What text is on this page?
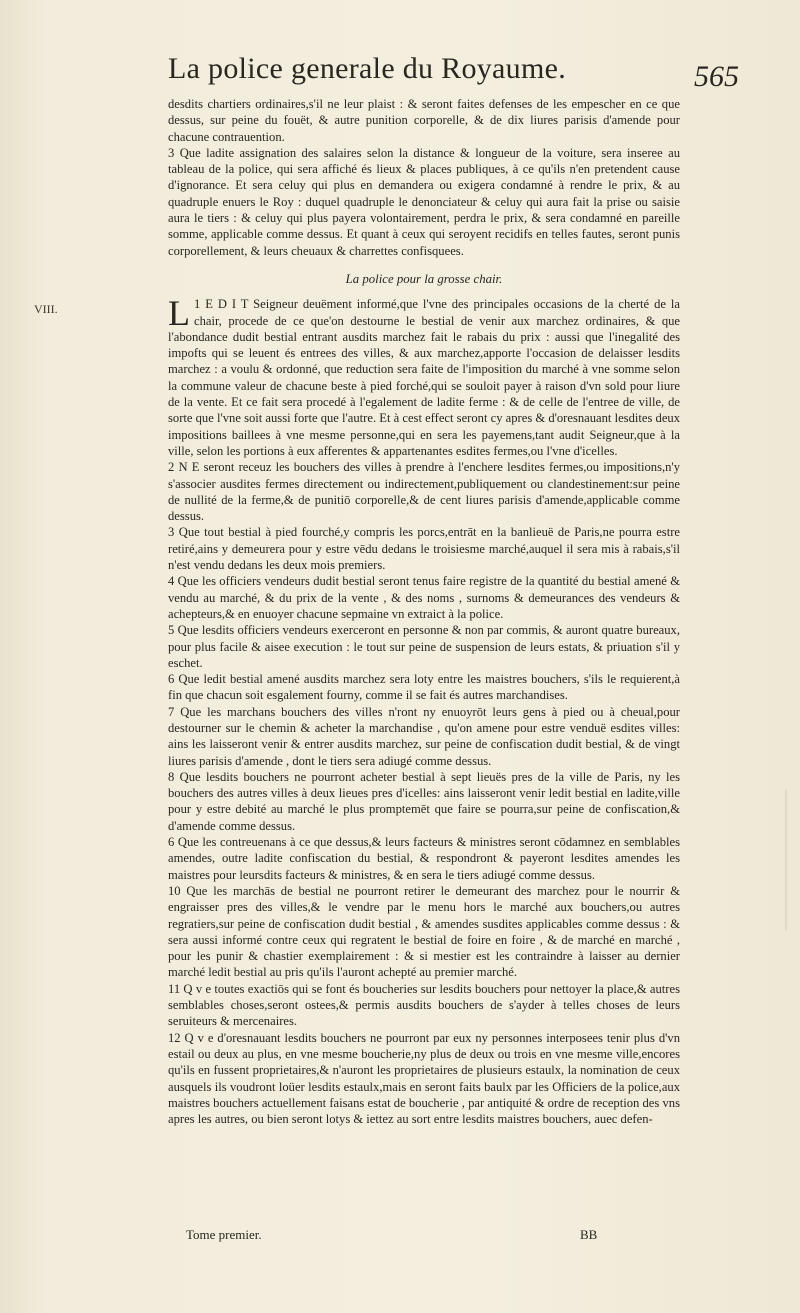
La police generale du Royaume.	565
VIII.

desdits chartiers ordinaires,s'il ne leur plaist : & seront faites defenses de les empescher en ce que dessus, sur peine du fouët, & autre punition corporelle, & de dix liures parisis d'amende pour chacune contrauention.

3 Que ladite assignation des salaires selon la distance & longueur de la voiture, sera inseree au tableau de la police, qui sera affiché és lieux & places publiques, à ce qu'ils n'en pretendent cause d'ignorance. Et sera celuy qui plus en demandera ou exigera condamné à rendre le prix, & au quadruple enuers le Roy : duquel quadruple le denonciateur & celuy qui aura fait la prise ou saisie aura le tiers : & celuy qui plus payera volontairement, perdra le prix, & sera condamné en pareille somme, applicable comme dessus. Et quant à ceux qui seroyent recidifs en telles fautes, seront punis corporellement, & leurs cheuaux & charrettes confisquees.

La police pour la grosse chair.

L 1 E D I T Seigneur deuëment informé,que l'vne des principales occasions de la cherté de la chair, procede de ce que'on destourne le bestial de venir aux marchez ordinaires, & que l'abondance dudit bestial entrant ausdits marchez fait le rabais du prix : aussi que l'inegalité des impofts qui se leuent és entrees des villes, & aux marchez,apporte l'occasion de delaisser lesdits marchez : a voulu & ordonné, que reduction sera faite de l'imposition du marché à vne somme selon la commune valeur de chacune beste à pied forché,qui se souloit payer à raison d'vn sold pour liure de la vente. Et ce fait sera procedé à l'egalement de ladite ferme : & de celle de l'entree de ville, de sorte que l'vne soit aussi forte que l'autre. Et à cest effect seront cy apres & d'oresnauant lesdites deux impositions baillees à vne mesme personne,qui en sera les payemens,tant audit Seigneur,que à la ville, selon les portions à eux afferentes & appartenantes esdites fermes,ou l'vne d'icelles.

2 N E seront receuz les bouchers des villes à prendre à l'enchere lesdites fermes,ou impositions,n'y s'associer ausdites fermes directement ou indirectement,publiquement ou clandestinement:sur peine de nullité de la ferme,& de punitiō corporelle,& de cent liures parisis d'amende,applicable comme dessus.

3 Que tout bestial à pied fourché,y compris les porcs,entrāt en la banlieuë de Paris,ne pourra estre retiré,ains y demeurera pour y estre vēdu dedans le troisiesme marché,auquel il sera mis à rabais,s'il n'est vendu dedans les deux mois premiers.

4 Que les officiers vendeurs dudit bestial seront tenus faire registre de la quantité du bestial amené & vendu au marché, & du prix de la vente , & des noms , surnoms & demeurances des vendeurs & achepteurs,& en enuoyer chacune sepmaine vn extraict à la police.

5 Que lesdits officiers vendeurs exerceront en personne & non par commis, & auront quatre bureaux, pour plus facile & aisee execution : le tout sur peine de suspension de leurs estats, & priuation s'il y eschet.

6 Que ledit bestial amené ausdits marchez sera loty entre les maistres bouchers, s'ils le requierent,à fin que chacun soit esgalement fourny, comme il se fait és autres marchandises.

7 Que les marchans bouchers des villes n'ront ny enuoyrōt leurs gens à pied ou à cheual,pour destourner sur le chemin & acheter la marchandise , qu'on amene pour estre venduë esdites villes: ains les laisseront venir & entrer ausdits marchez, sur peine de confiscation dudit bestial, & de vingt liures parisis d'amende , dont le tiers sera adiugé comme dessus.

8 Que lesdits bouchers ne pourront acheter bestial à sept lieuës pres de la ville de Paris, ny les bouchers des autres villes à deux lieues pres d'icelles: ains laisseront venir ledit bestial en ladite,ville pour y estre debité au marché le plus promptemēt que faire se pourra,sur peine de confiscation,& d'amende comme dessus.

6 Que les contreuenans à ce que dessus,& leurs facteurs & ministres seront cōdamnez en semblables amendes, outre ladite confiscation du bestial, & respondront & payeront lesdites amendes les maistres pour leursdits facteurs & ministres, & en sera le tiers adiugé comme dessus.

10 Que les marchās de bestial ne pourront retirer le demeurant des marchez pour le nourrir & engraisser pres des villes,& le vendre par le menu hors le marché aux bouchers,ou autres regratiers,sur peine de confiscation dudit bestial , & amendes susdites applicables comme dessus : & sera aussi informé contre ceux qui regratent le bestial de foire en foire , & de marché en marché , pour les punir & chastier exemplairement : & si mestier est les contraindre à laisser au dernier marché ledit bestial au pris qu'ils l'auront achepté au premier marché.

11 Q v e toutes exactiōs qui se font és boucheries sur lesdits bouchers pour nettoyer la place,& autres semblables choses,seront ostees,& permis ausdits bouchers de s'ayder à telles choses de leurs seruiteurs & mercenaires.

12 Q v e d'oresnauant lesdits bouchers ne pourront par eux ny personnes interposees tenir plus d'vn estail ou deux au plus, en vne mesme boucherie,ny plus de deux ou trois en vne mesme ville,encores qu'ils en fussent proprietaires,& n'auront les proprietaires de plusieurs estaulx, la nomination de ceux ausquels ils voudront loüer lesdits estaulx,mais en seront faits baulx par les Officiers de la police,aux maistres bouchers actuellement faisans estat de boucherie , par antiquité & ordre de reception des vns apres les autres, ou bien seront lotys & iettez au sort entre lesdits maistres bouchers, auec defen-

Tome premier.	BB
